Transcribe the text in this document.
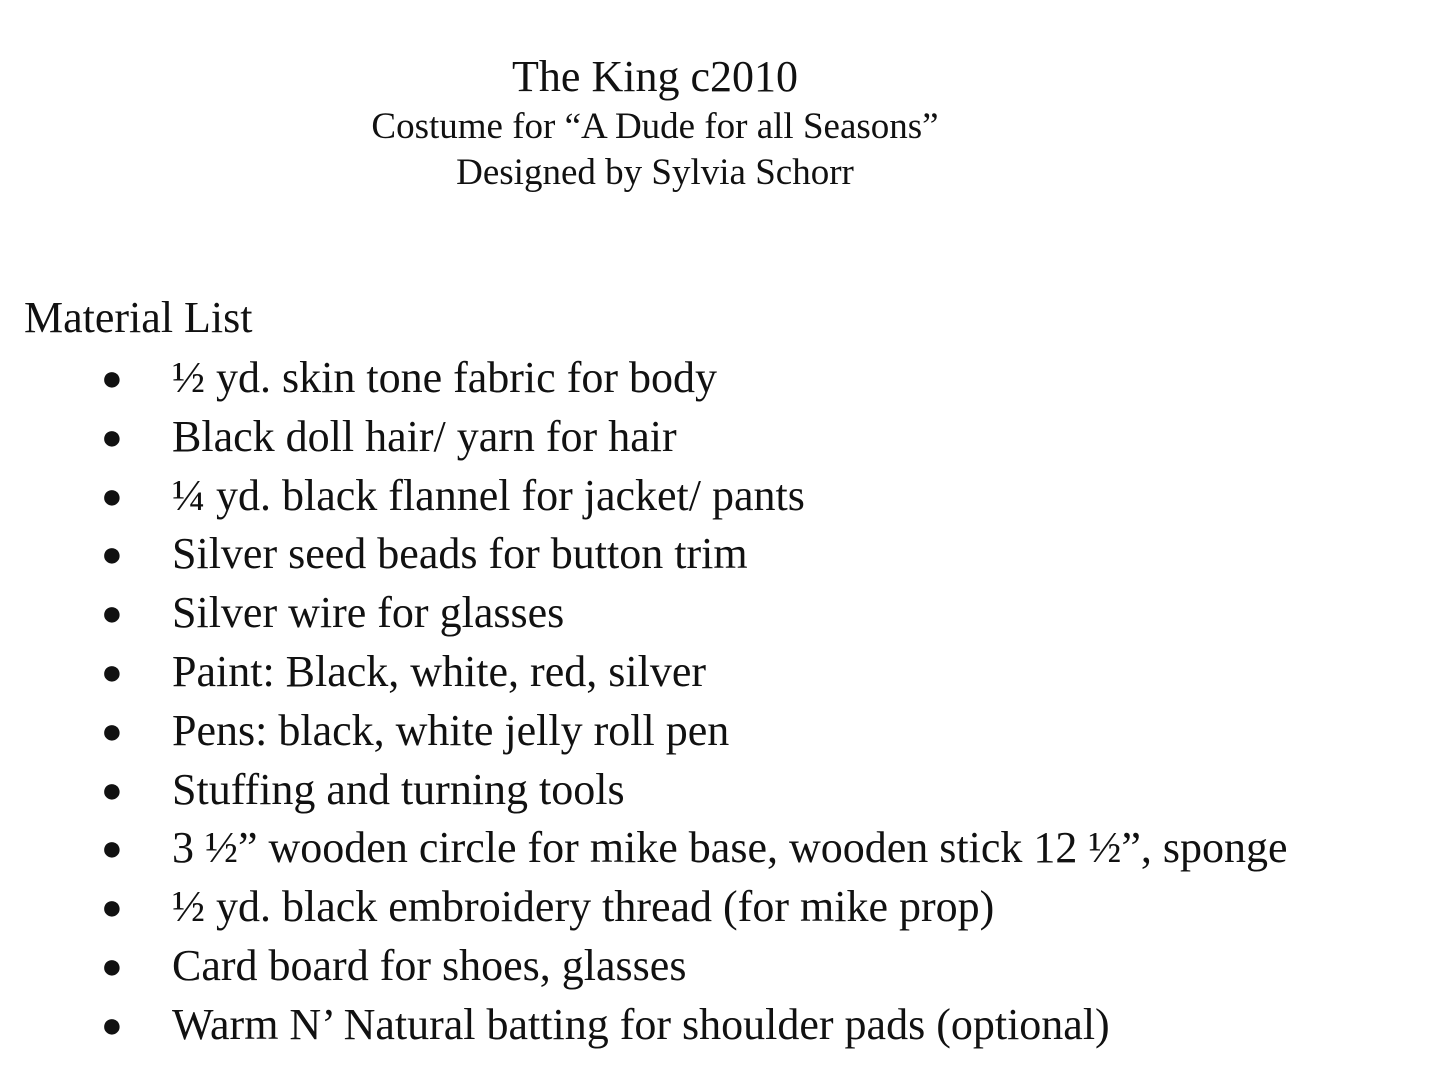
The King c2010

Costume for “A Dude for all Seasons”

Designed by Sylvia Schorr

Material List
● ½ yd. skin tone fabric for body
● Black doll hair/ yarn for hair
● ¼ yd. black flannel for jacket/ pants
● Silver seed beads for button trim
● Silver wire for glasses
● Paint: Black, white, red, silver
● Pens: black, white jelly roll pen
● Stuffing and turning tools
● 3 ½” wooden circle for mike base, wooden stick 12 ½”, sponge
● ½ yd. black embroidery thread (for mike prop)
● Card board for shoes, glasses
● Warm N’ Natural batting for shoulder pads (optional)
